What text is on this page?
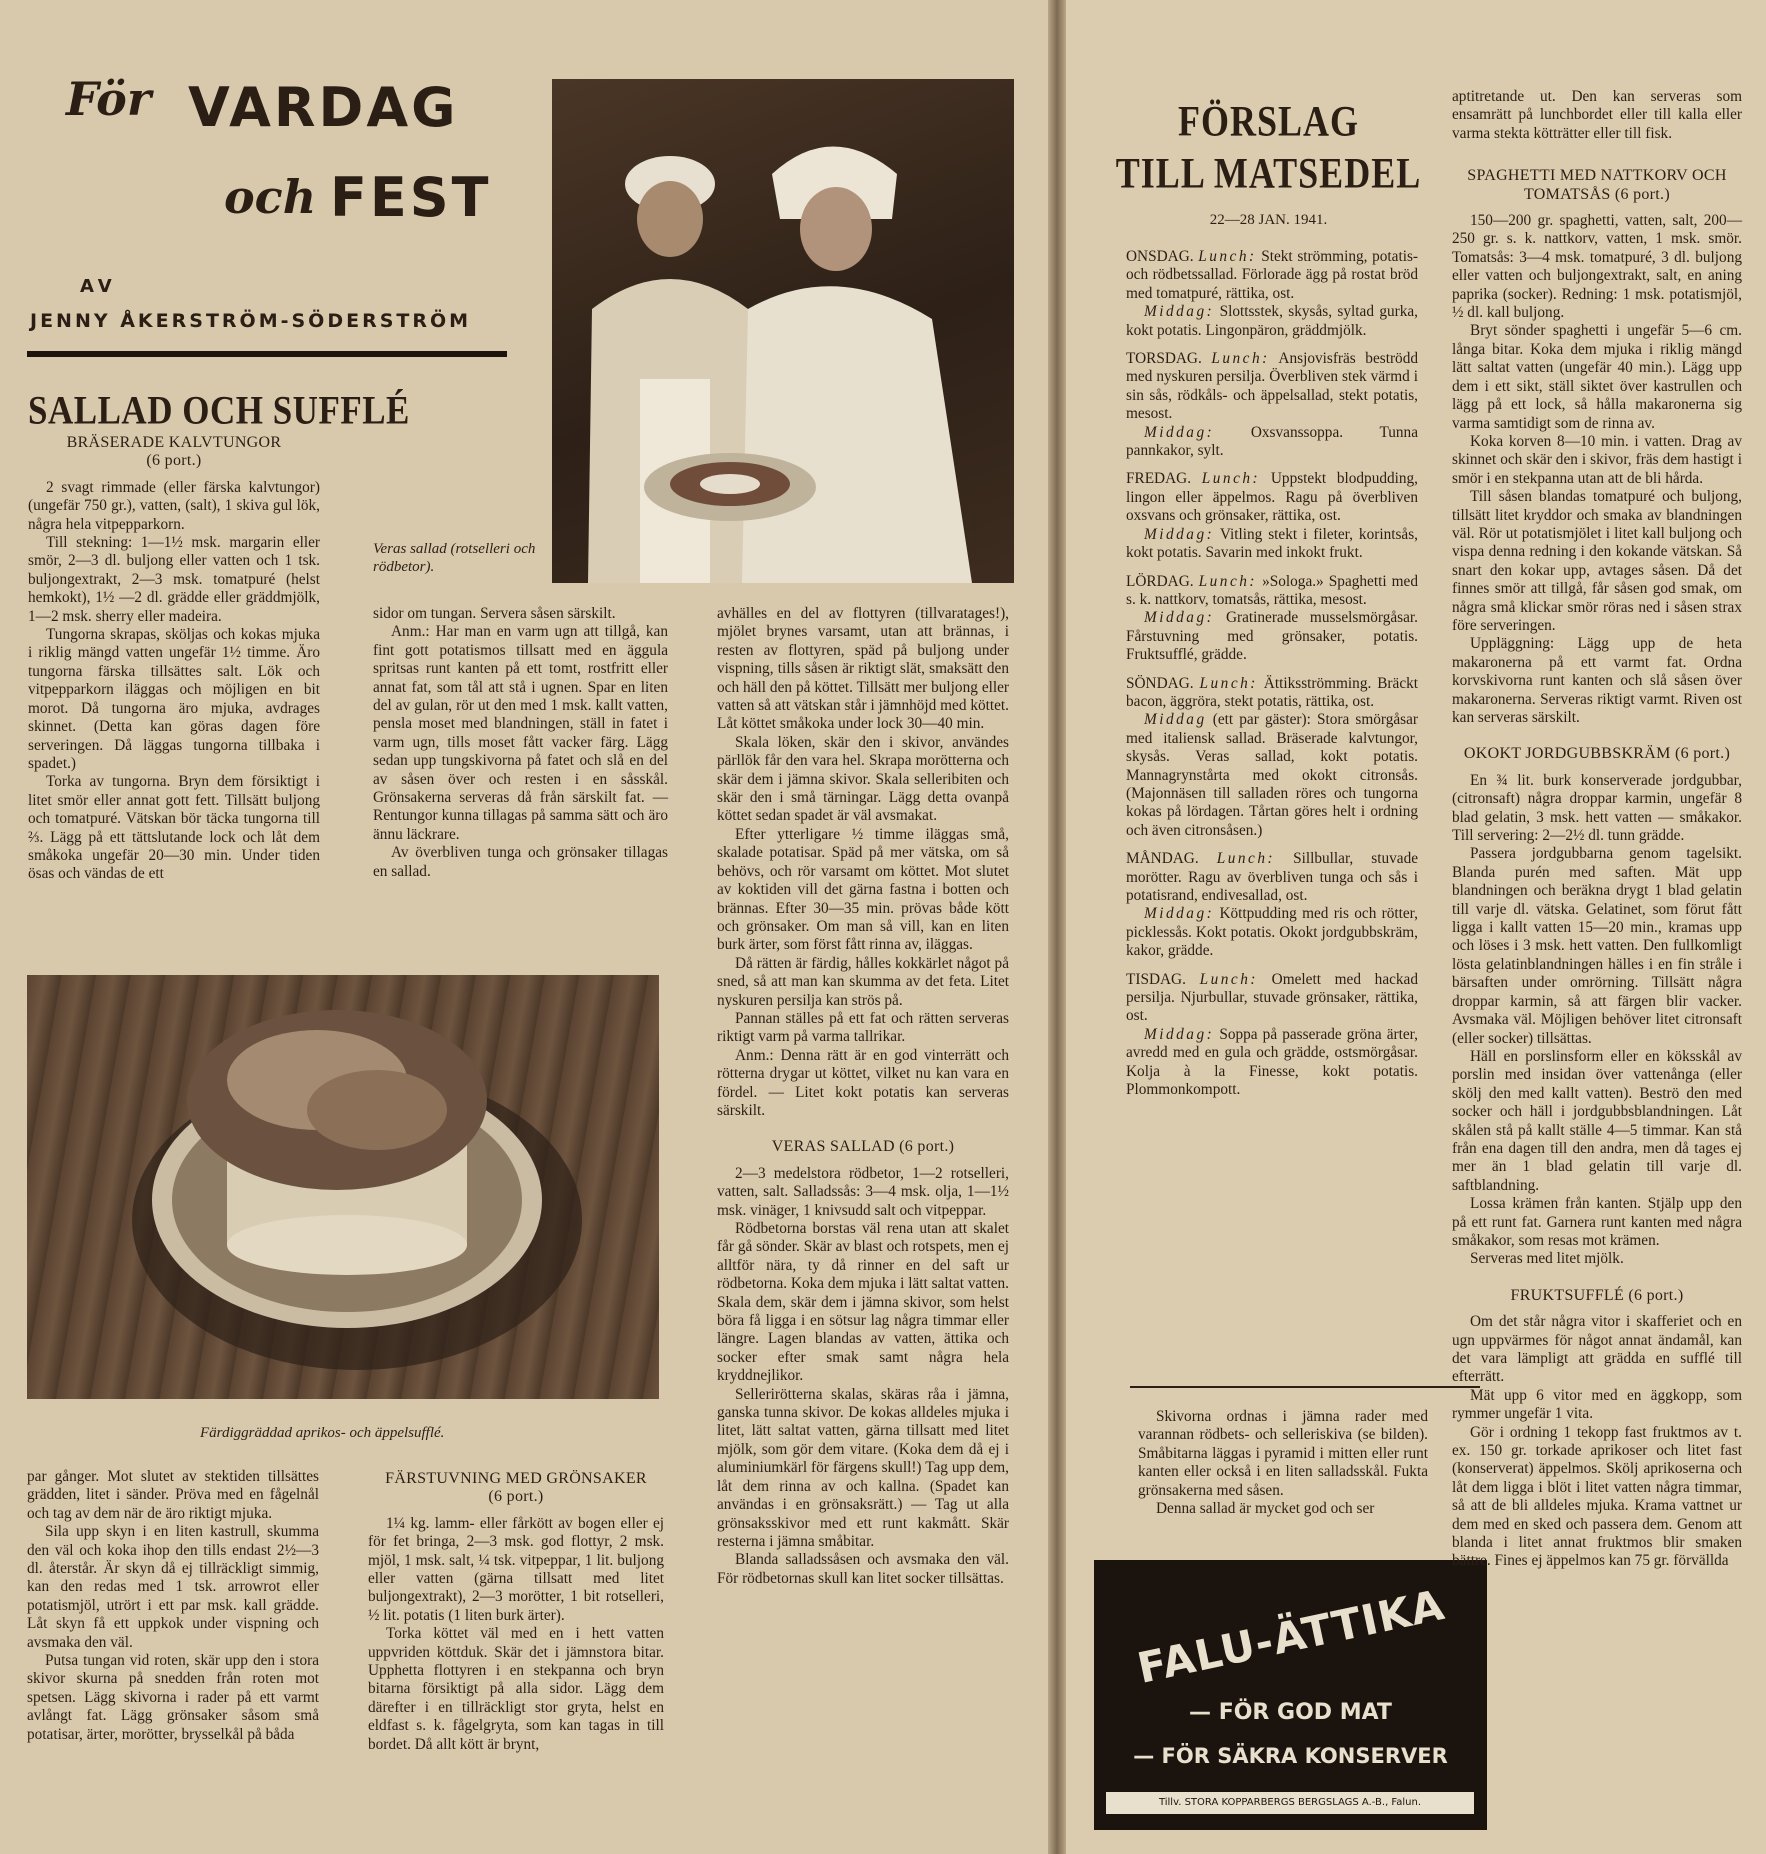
För VARDAG
och FEST
AV
JENNY ÅKERSTRÖM-SÖDERSTRÖM
SALLAD OCH SUFFLÉ
BRÄSERADE KALVTUNGOR
(6 port.)

2 svagt rimmade (eller färska kalvtungor) (ungefär 750 gr.), vatten, (salt), 1 skiva gul lök, några hela vitpepparkorn.

Till stekning: 1—1½ msk. margarin eller smör, 2—3 dl. buljong eller vatten och 1 tsk. buljongextrakt, 2—3 msk. tomatpuré (helst hemkokt), 1½ —2 dl. grädde eller gräddmjölk, 1—2 msk. sherry eller madeira.

Tungorna skrapas, sköljas och kokas mjuka i riklig mängd vatten ungefär 1½ timme. Äro tungorna färska tillsättes salt. Lök och vitpepparkorn iläggas och möjligen en bit morot. Då tungorna äro mjuka, avdrages skinnet. (Detta kan göras dagen före serveringen. Då läggas tungorna tillbaka i spadet.)

Torka av tungorna. Bryn dem försiktigt i litet smör eller annat gott fett. Tillsätt buljong och tomatpuré. Vätskan bör täcka tungorna till ⅔. Lägg på ett tättslutande lock och låt dem småkoka ungefär 20—30 min. Under tiden ösas och vändas de ett

Veras sallad (rotselleri och rödbetor).

sidor om tungan. Servera såsen särskilt.

Anm.: Har man en varm ugn att tillgå, kan fint gott potatismos tillsatt med en äggula spritsas runt kanten på ett tomt, rostfritt eller annat fat, som tål att stå i ugnen. Spar en liten del av gulan, rör ut den med 1 msk. kallt vatten, pensla moset med blandningen, ställ in fatet i varm ugn, tills moset fått vacker färg. Lägg sedan upp tungskivorna på fatet och slå en del av såsen över och resten i en såsskål. Grönsakerna serveras då från särskilt fat. — Rentungor kunna tillagas på samma sätt och äro ännu läckrare.

Av överbliven tunga och grönsaker tillagas en sallad.

Färdiggräddad aprikos- och äppelsufflé.

par gånger. Mot slutet av stektiden tillsättes grädden, litet i sänder. Pröva med en fågelnål och tag av dem när de äro riktigt mjuka.

Sila upp skyn i en liten kastrull, skumma den väl och koka ihop den tills endast 2½—3 dl. återstår. Är skyn då ej tillräckligt simmig, kan den redas med 1 tsk. arrowrot eller potatismjöl, utrört i ett par msk. kall grädde. Låt skyn få ett uppkok under vispning och avsmaka den väl.

Putsa tungan vid roten, skär upp den i stora skivor skurna på snedden från roten mot spetsen. Lägg skivorna i rader på ett varmt avlångt fat. Lägg grönsaker såsom små potatisar, ärter, morötter, brysselkål på båda

FÄRSTUVNING MED GRÖNSAKER
(6 port.)

1¼ kg. lamm- eller fårkött av bogen eller ej för fet bringa, 2—3 msk. god flottyr, 2 msk. mjöl, 1 msk. salt, ¼ tsk. vitpeppar, 1 lit. buljong eller vatten (gärna tillsatt med litet buljongextrakt), 2—3 morötter, 1 bit rotselleri, ½ lit. potatis (1 liten burk ärter).

Torka köttet väl med en i hett vatten uppvriden köttduk. Skär det i jämnstora bitar. Upphetta flottyren i en stekpanna och bryn bitarna försiktigt på alla sidor. Lägg dem därefter i en tillräckligt stor gryta, helst en eldfast s. k. fågelgryta, som kan tagas in till bordet. Då allt kött är brynt,

avhälles en del av flottyren (tillvaratages!), mjölet brynes varsamt, utan att brännas, i resten av flottyren, späd på buljong under vispning, tills såsen är riktigt slät, smaksätt den och häll den på köttet. Tillsätt mer buljong eller vatten så att vätskan står i jämnhöjd med köttet. Låt köttet småkoka under lock 30—40 min.

Skala löken, skär den i skivor, användes pärllök får den vara hel. Skrapa morötterna och skär dem i jämna skivor. Skala selleribiten och skär den i små tärningar. Lägg detta ovanpå köttet sedan spadet är väl avsmakat.

Efter ytterligare ½ timme iläggas små, skalade potatisar. Späd på mer vätska, om så behövs, och rör varsamt om köttet. Mot slutet av koktiden vill det gärna fastna i botten och brännas. Efter 30—35 min. prövas både kött och grönsaker. Om man så vill, kan en liten burk ärter, som först fått rinna av, iläggas.

Då rätten är färdig, hålles kokkärlet något på sned, så att man kan skumma av det feta. Litet nyskuren persilja kan strös på.

Pannan ställes på ett fat och rätten serveras riktigt varm på varma tallrikar.

Anm.: Denna rätt är en god vinterrätt och rötterna drygar ut köttet, vilket nu kan vara en fördel. — Litet kokt potatis kan serveras särskilt.

VERAS SALLAD (6 port.)

2—3 medelstora rödbetor, 1—2 rotselleri, vatten, salt. Salladssås: 3—4 msk. olja, 1—1½ msk. vinäger, 1 knivsudd salt och vitpeppar.

Rödbetorna borstas väl rena utan att skalet får gå sönder. Skär av blast och rotspets, men ej alltför nära, ty då rinner en del saft ur rödbetorna. Koka dem mjuka i lätt saltat vatten. Skala dem, skär dem i jämna skivor, som helst böra få ligga i en sötsur lag några timmar eller längre. Lagen blandas av vatten, ättika och socker efter smak samt några hela kryddnejlikor.

Sellerirötterna skalas, skäras råa i jämna, ganska tunna skivor. De kokas alldeles mjuka i litet, lätt saltat vatten, gärna tillsatt med litet mjölk, som gör dem vitare. (Koka dem då ej i aluminiumkärl för färgens skull!) Tag upp dem, låt dem rinna av och kallna. (Spadet kan användas i en grönsaksrätt.) — Tag ut alla grönsaksskivor med ett runt kakmått. Skär resterna i jämna småbitar.

Blanda salladssåsen och avsmaka den väl. För rödbetornas skull kan litet socker tillsättas.

FÖRSLAG
TILL MATSEDEL
22—28 JAN. 1941.

ONSDAG. Lunch: Stekt strömming, potatis- och rödbetssallad. Förlorade ägg på rostat bröd med tomatpuré, rättika, ost.

Middag: Slottsstek, skysås, syltad gurka, kokt potatis. Lingonpäron, gräddmjölk.

TORSDAG. Lunch: Ansjovisfräs beströdd med nyskuren persilja. Överbliven stek värmd i sin sås, rödkåls- och äppelsallad, stekt potatis, mesost.

Middag: Oxsvanssoppa. Tunna pannkakor, sylt.

FREDAG. Lunch: Uppstekt blodpudding, lingon eller äppelmos. Ragu på överbliven oxsvans och grönsaker, rättika, ost.

Middag: Vitling stekt i fileter, korintsås, kokt potatis. Savarin med inkokt frukt.

LÖRDAG. Lunch: »Sologa.» Spaghetti med s. k. nattkorv, tomatsås, rättika, mesost.

Middag: Gratinerade musselsmörgåsar. Fårstuvning med grönsaker, potatis. Fruktsufflé, grädde.

SÖNDAG. Lunch: Ättiksströmming. Bräckt bacon, äggröra, stekt potatis, rättika, ost.

Middag (ett par gäster): Stora smörgåsar med italiensk sallad. Bräserade kalvtungor, skysås. Veras sallad, kokt potatis. Mannagrynstårta med okokt citronsås. (Majonnäsen till salladen röres och tungorna kokas på lördagen. Tårtan göres helt i ordning och även citronsåsen.)

MÅNDAG. Lunch: Sillbullar, stuvade morötter. Ragu av överbliven tunga och sås i potatisrand, endivesallad, ost.

Middag: Köttpudding med ris och rötter, picklessås. Kokt potatis. Okokt jordgubbskräm, kakor, grädde.

TISDAG. Lunch: Omelett med hackad persilja. Njurbullar, stuvade grönsaker, rättika, ost.

Middag: Soppa på passerade gröna ärter, avredd med en gula och grädde, ostsmörgåsar. Kolja à la Finesse, kokt potatis. Plommonkompott.

Skivorna ordnas i jämna rader med varannan rödbets- och selleriskiva (se bilden). Småbitarna läggas i pyramid i mitten eller runt kanten eller också i en liten salladsskål. Fukta grönsakerna med såsen.

Denna sallad är mycket god och ser

FALU-ÄTTIKA
— FÖR GOD MAT
— FÖR SÄKRA KONSERVER
Tillv. STORA KOPPARBERGS BERGSLAGS A.-B., Falun.

aptitretande ut. Den kan serveras som ensamrätt på lunchbordet eller till kalla eller varma stekta kötträtter eller till fisk.

SPAGHETTI MED NATTKORV OCH TOMATSÅS (6 port.)

150—200 gr. spaghetti, vatten, salt, 200—250 gr. s. k. nattkorv, vatten, 1 msk. smör. Tomatsås: 3—4 msk. tomatpuré, 3 dl. buljong eller vatten och buljongextrakt, salt, en aning paprika (socker). Redning: 1 msk. potatismjöl, ½ dl. kall buljong.

Bryt sönder spaghetti i ungefär 5—6 cm. långa bitar. Koka dem mjuka i riklig mängd lätt saltat vatten (ungefär 40 min.). Lägg upp dem i ett sikt, ställ siktet över kastrullen och lägg på ett lock, så hålla makaronerna sig varma samtidigt som de rinna av.

Koka korven 8—10 min. i vatten. Drag av skinnet och skär den i skivor, fräs dem hastigt i smör i en stekpanna utan att de bli hårda.

Till såsen blandas tomatpuré och buljong, tillsätt litet kryddor och smaka av blandningen väl. Rör ut potatismjölet i litet kall buljong och vispa denna redning i den kokande vätskan. Så snart den kokar upp, avtages såsen. Då det finnes smör att tillgå, får såsen god smak, om några små klickar smör röras ned i såsen strax före serveringen.

Uppläggning: Lägg upp de heta makaronerna på ett varmt fat. Ordna korvskivorna runt kanten och slå såsen över makaronerna. Serveras riktigt varmt. Riven ost kan serveras särskilt.

OKOKT JORDGUBBSKRÄM (6 port.)

En ¾ lit. burk konserverade jordgubbar, (citronsaft) några droppar karmin, ungefär 8 blad gelatin, 3 msk. hett vatten — småkakor. Till servering: 2—2½ dl. tunn grädde.

Passera jordgubbarna genom tagelsikt. Blanda purén med saften. Mät upp blandningen och beräkna drygt 1 blad gelatin till varje dl. vätska. Gelatinet, som förut fått ligga i kallt vatten 15—20 min., kramas upp och löses i 3 msk. hett vatten. Den fullkomligt lösta gelatinblandningen hälles i en fin stråle i bärsaften under omrörning. Tillsätt några droppar karmin, så att färgen blir vacker. Avsmaka väl. Möjligen behöver litet citronsaft (eller socker) tillsättas.

Häll en porslinsform eller en köksskål av porslin med insidan över vattenånga (eller skölj den med kallt vatten). Beströ den med socker och häll i jordgubbsblandningen. Låt skålen stå på kallt ställe 4—5 timmar. Kan stå från ena dagen till den andra, men då tages ej mer än 1 blad gelatin till varje dl. saftblandning.

Lossa krämen från kanten. Stjälp upp den på ett runt fat. Garnera runt kanten med några småkakor, som resas mot krämen.

Serveras med litet mjölk.

FRUKTSUFFLÉ (6 port.)

Om det står några vitor i skafferiet och en ugn uppvärmes för något annat ändamål, kan det vara lämpligt att grädda en sufflé till efterrätt.

Mät upp 6 vitor med en äggkopp, som rymmer ungefär 1 vita.

Gör i ordning 1 tekopp fast fruktmos av t. ex. 150 gr. torkade aprikoser och litet fast (konserverat) äppelmos. Skölj aprikoserna och låt dem ligga i blöt i litet vatten några timmar, så att de bli alldeles mjuka. Krama vattnet ur dem med en sked och passera dem. Genom att blanda i litet annat fruktmos blir smaken bättre. Fines ej äppelmos kan 75 gr. förvällda
